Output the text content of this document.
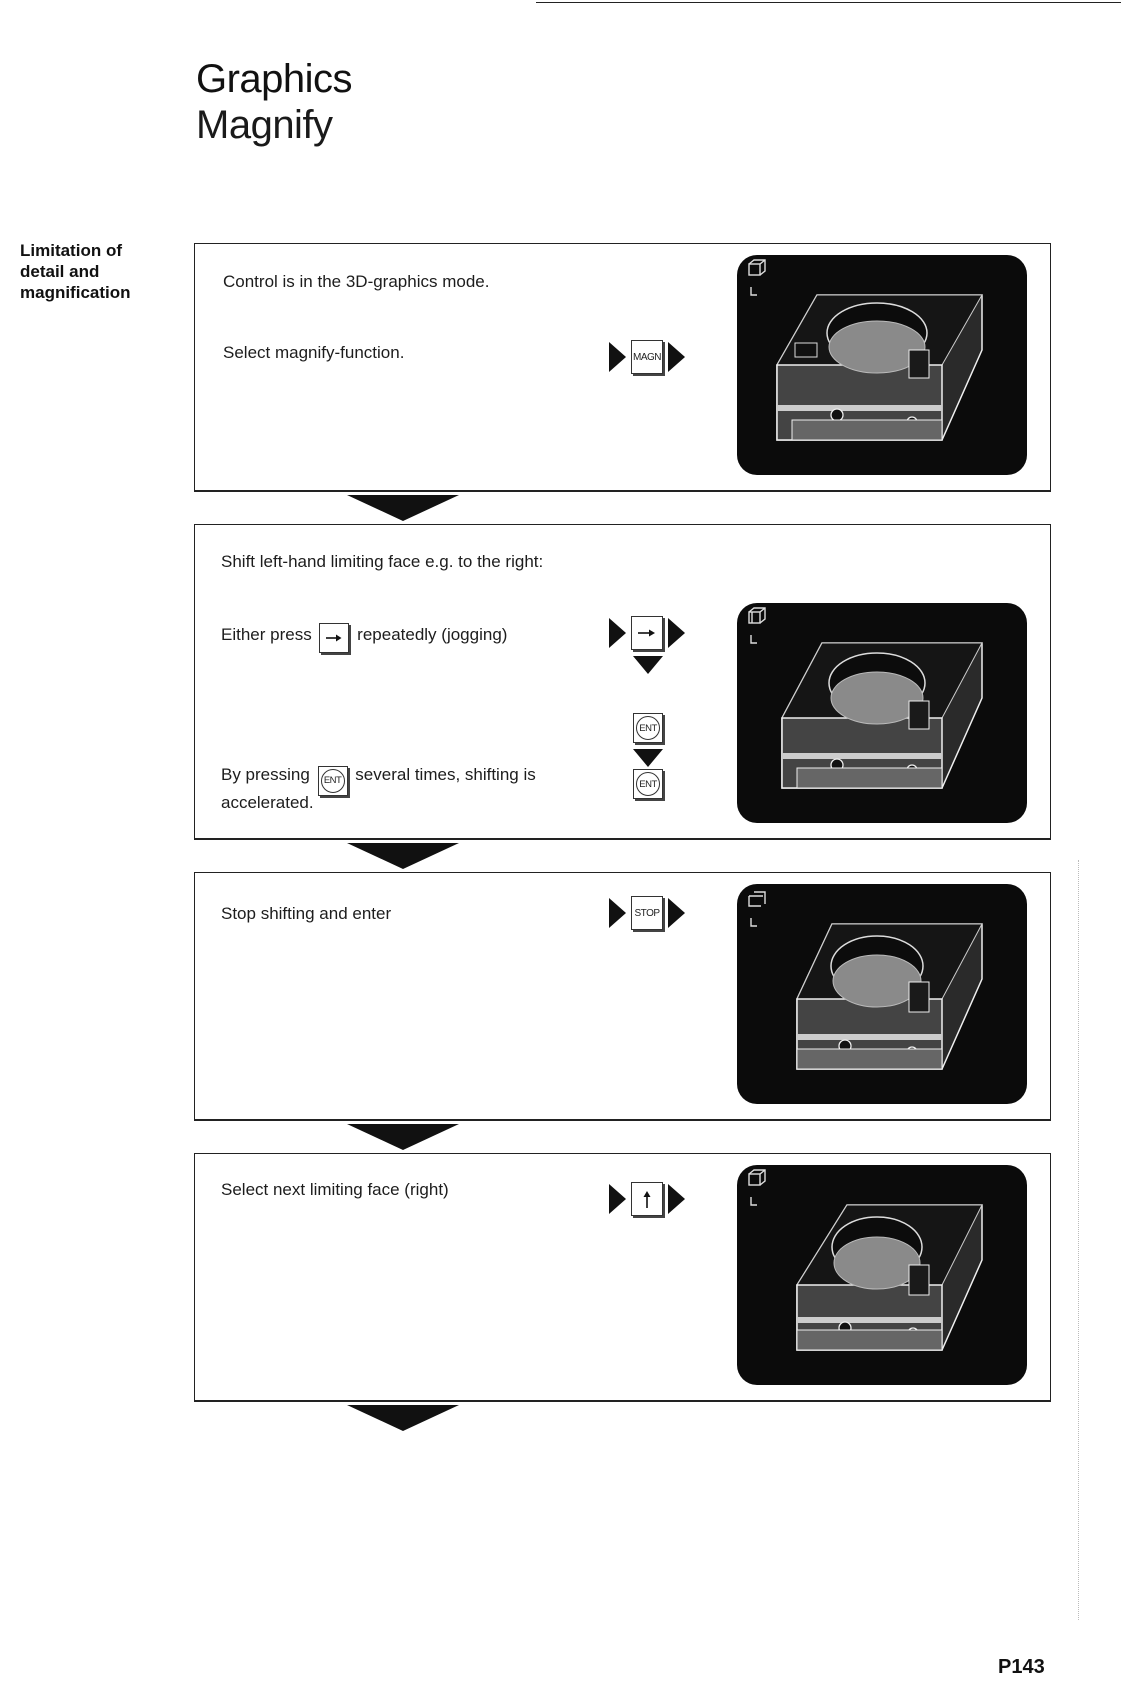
Graphics
Magnify
Limitation of detail and magnification
Control is in the 3D-graphics mode.
Select magnify-function.	MAGN
Shift left-hand limiting face e.g. to the right:
Either press	repeatedly (jogging)
By pressing	ENT several times, shifting is
accelerated.
ENT
ENT
Stop shifting and enter	STOP
Select next limiting face (right)
P143
